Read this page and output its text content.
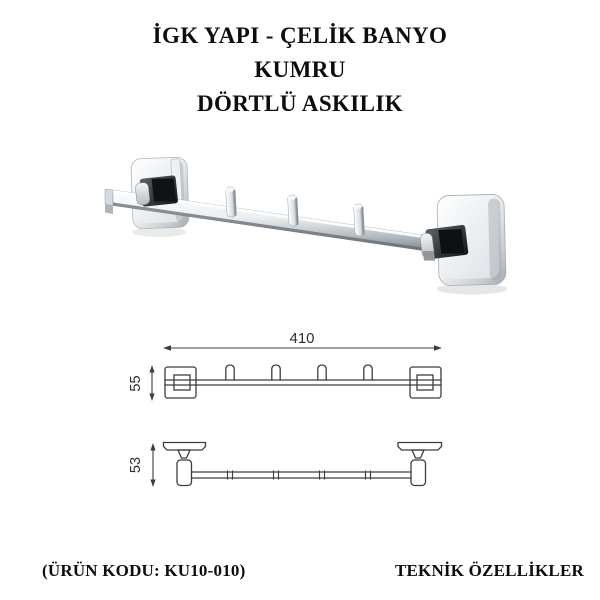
İGK YAPI - ÇELİK BANYO
KUMRU
DÖRTLÜ ASKILIK
410
55
53
(ÜRÜN KODU: KU10-010)	TEKNİK ÖZELLİKLER
